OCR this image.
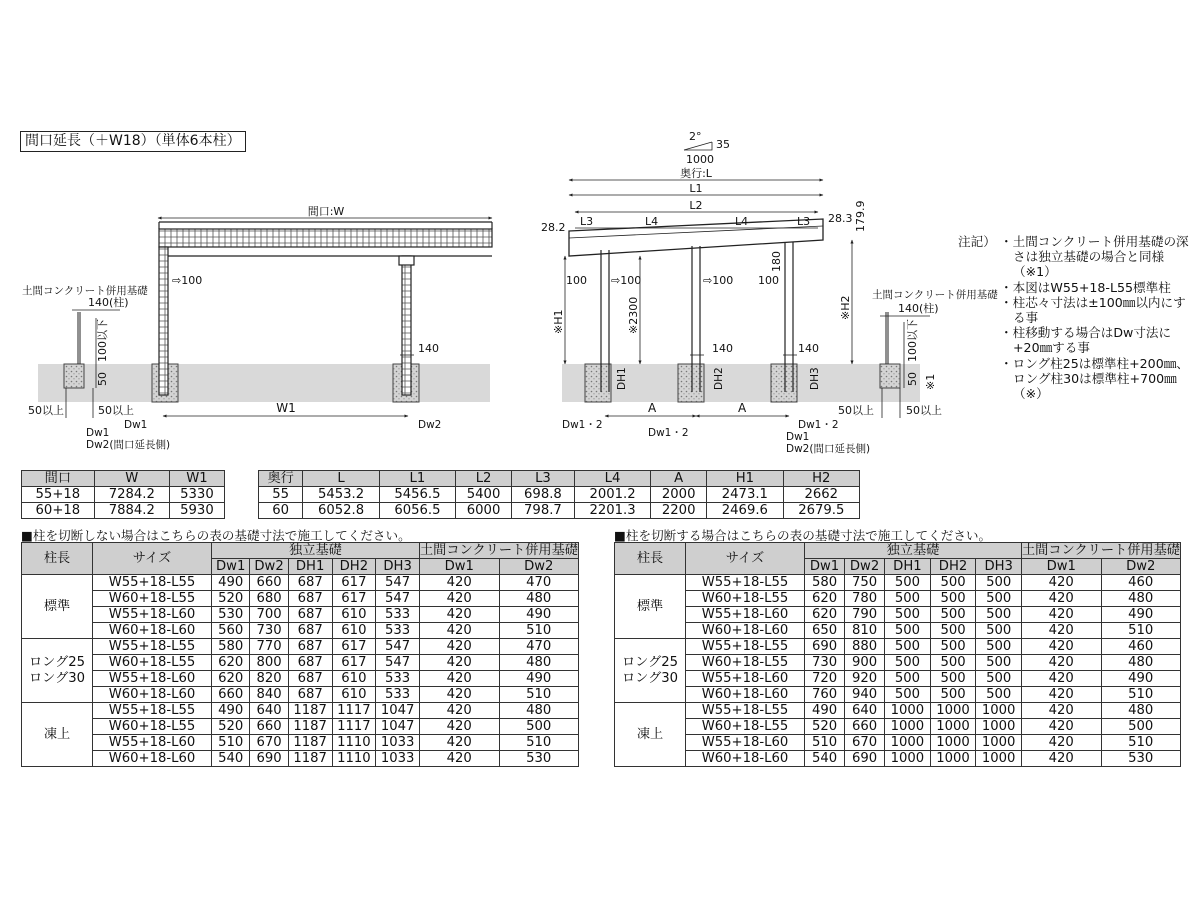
間口延長（＋W18）（単体6本柱）
間口:W
⇨100
土間コンクリート併用基礎
140(柱)
100以下
50
140
50以上	50以上
Dw1
W1
Dw2
Dw1
Dw2(間口延長側)
2°
35
1000
奥行:L
L1
L2
L3	L4	L4	L3
28.2
28.3 179.9
180
100 ⇨100	⇨100 100
※H1	※2300	※H2
140	140
DH1	DH2	DH3
A	A
Dw1・2
Dw1・2
Dw1・2
土間コンクリート併用基礎
140(柱)
100以下
50 ※1
50以上	50以上
Dw1
Dw2(間口延長側)
注記）	・ 土間コンクリート併用基礎の深さは独立基礎の場合と同様（※1）
・ 本図はW55+18-L55標準柱
・ 柱芯々寸法は±100㎜以内にする事
・ 柱移動する場合はDw寸法に+20㎜する事
・ ロング柱25は標準柱+200㎜、ロング柱30は標準柱+700㎜（※）
間口	W	W1
55+18	7284.2	5330
60+18	7884.2	5930
奥行	L	L1	L2	L3	L4	A	H1	H2
55	5453.2	5456.5	5400	698.8	2001.2	2000	2473.1	2662
60	6052.8	6056.5	6000	798.7	2201.3	2200	2469.6	2679.5
■柱を切断しない場合はこちらの表の基礎寸法で施工してください。	■柱を切断する場合はこちらの表の基礎寸法で施工してください。
柱長	サイズ	独立基礎					土間コンクリート併用基礎	
		Dw1	Dw2	DH1	DH2	DH3	Dw1	Dw2
標準	W55+18-L55	490	660	687	617	547	420	470
	W60+18-L55	520	680	687	617	547	420	480
	W55+18-L60	530	700	687	610	533	420	490
	W60+18-L60	560	730	687	610	533	420	510
ロング25
ロング30	W55+18-L55	580	770	687	617	547	420	470
	W60+18-L55	620	800	687	617	547	420	480
	W55+18-L60	620	820	687	610	533	420	490
	W60+18-L60	660	840	687	610	533	420	510
凍上	W55+18-L55	490	640	1187	1117	1047	420	480
	W60+18-L55	520	660	1187	1117	1047	420	500
	W55+18-L60	510	670	1187	1110	1033	420	510
	W60+18-L60	540	690	1187	1110	1033	420	530
柱長	サイズ	独立基礎					土間コンクリート併用基礎	
		Dw1	Dw2	DH1	DH2	DH3	Dw1	Dw2
標準	W55+18-L55	580	750	500	500	500	420	460
	W60+18-L55	620	780	500	500	500	420	480
	W55+18-L60	620	790	500	500	500	420	490
	W60+18-L60	650	810	500	500	500	420	510
ロング25
ロング30	W55+18-L55	690	880	500	500	500	420	460
	W60+18-L55	730	900	500	500	500	420	480
	W55+18-L60	720	920	500	500	500	420	490
	W60+18-L60	760	940	500	500	500	420	510
凍上	W55+18-L55	490	640	1000	1000	1000	420	480
	W60+18-L55	520	660	1000	1000	1000	420	500
	W55+18-L60	510	670	1000	1000	1000	420	510
	W60+18-L60	540	690	1000	1000	1000	420	530
